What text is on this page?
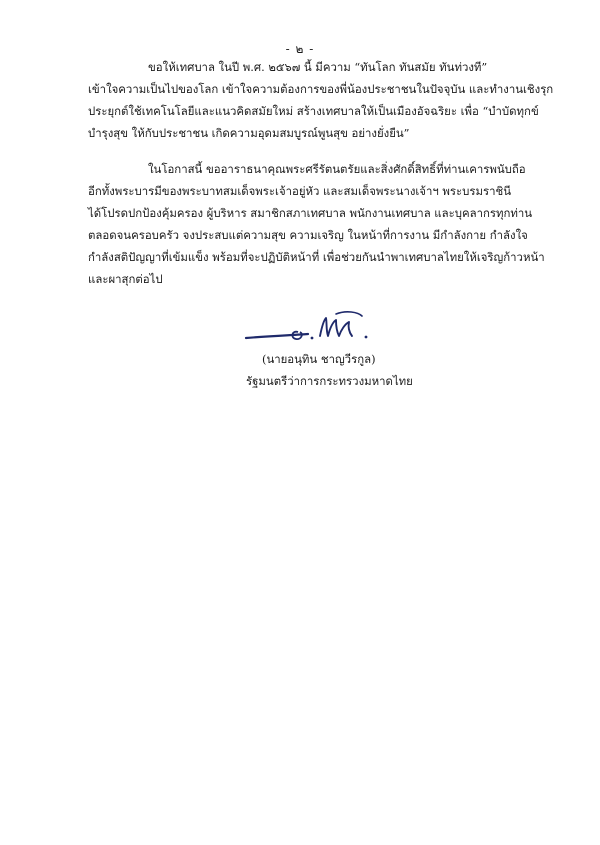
- ๒ -
ขอให้เทศบาล ในปี พ.ศ. ๒๕๖๗ นี้ มีความ “ทันโลก ทันสมัย ทันท่วงที”
เข้าใจความเป็นไปของโลก เข้าใจความต้องการของพี่น้องประชาชนในปัจจุบัน และทำงานเชิงรุก
ประยุกต์ใช้เทคโนโลยีและแนวคิดสมัยใหม่ สร้างเทศบาลให้เป็นเมืองอัจฉริยะ เพื่อ “บำบัดทุกข์
บำรุงสุข ให้กับประชาชน เกิดความอุดมสมบูรณ์พูนสุข อย่างยั่งยืน”
ในโอกาสนี้ ขออาราธนาคุณพระศรีรัตนตรัยและสิ่งศักดิ์สิทธิ์ที่ท่านเคารพนับถือ
อีกทั้งพระบารมีของพระบาทสมเด็จพระเจ้าอยู่หัว และสมเด็จพระนางเจ้าฯ พระบรมราชินี
ได้โปรดปกป้องคุ้มครอง ผู้บริหาร สมาชิกสภาเทศบาล พนักงานเทศบาล และบุคลากรทุกท่าน
ตลอดจนครอบครัว จงประสบแต่ความสุข ความเจริญ ในหน้าที่การงาน มีกำลังกาย กำลังใจ
กำลังสติปัญญาที่เข้มแข็ง พร้อมที่จะปฏิบัติหน้าที่ เพื่อช่วยกันนำพาเทศบาลไทยให้เจริญก้าวหน้า
และผาสุกต่อไป
(นายอนุทิน ชาญวีรกูล)
รัฐมนตรีว่าการกระทรวงมหาดไทย
